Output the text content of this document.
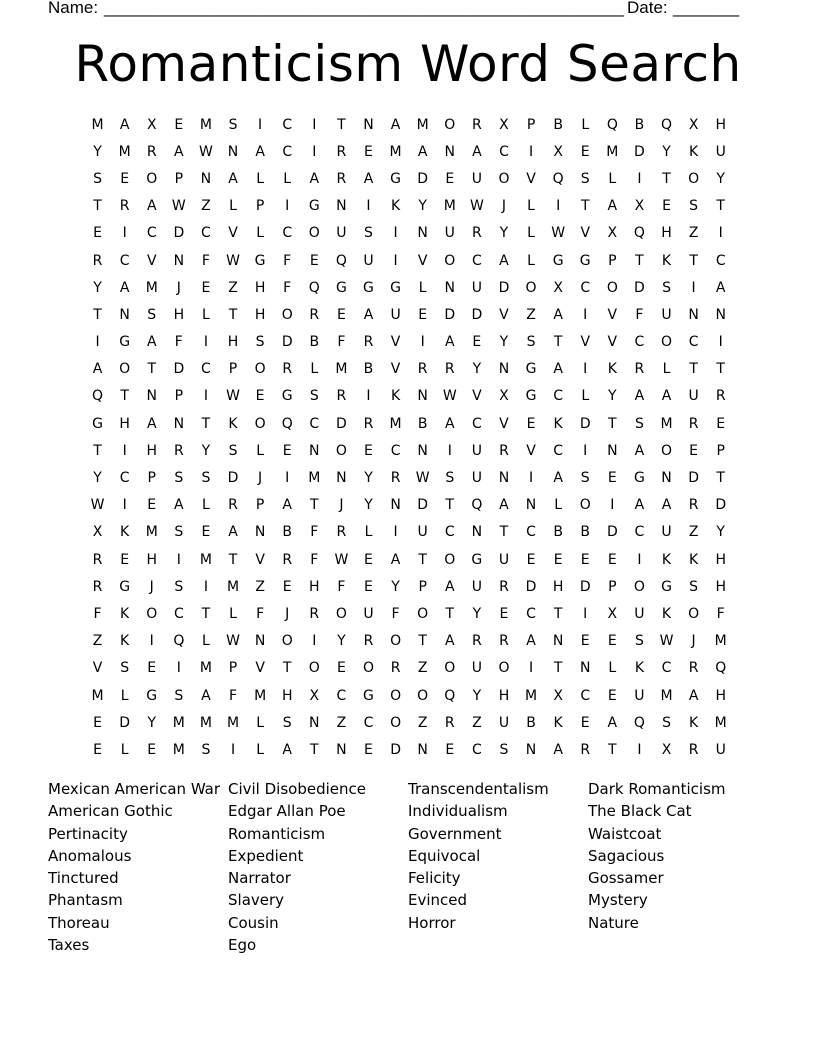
Name: _______________________________________________________ Date: _______
Romanticism Word Search
M	A	X	E	M	S	I	C	I	T	N	A	M	O	R	X	P	B	L	Q	B	Q	X	H
Y	M	R	A	W	N	A	C	I	R	E	M	A	N	A	C	I	X	E	M	D	Y	K	U
S	E	O	P	N	A	L	L	A	R	A	G	D	E	U	O	V	Q	S	L	I	T	O	Y
T	R	A	W	Z	L	P	I	G	N	I	K	Y	M	W	J	L	I	T	A	X	E	S	T
E	I	C	D	C	V	L	C	O	U	S	I	N	U	R	Y	L	W	V	X	Q	H	Z	I
R	C	V	N	F	W	G	F	E	Q	U	I	V	O	C	A	L	G	G	P	T	K	T	C
Y	A	M	J	E	Z	H	F	Q	G	G	G	L	N	U	D	O	X	C	O	D	S	I	A
T	N	S	H	L	T	H	O	R	E	A	U	E	D	D	V	Z	A	I	V	F	U	N	N
I	G	A	F	I	H	S	D	B	F	R	V	I	A	E	Y	S	T	V	V	C	O	C	I
A	O	T	D	C	P	O	R	L	M	B	V	R	R	Y	N	G	A	I	K	R	L	T	T
Q	T	N	P	I	W	E	G	S	R	I	K	N	W	V	X	G	C	L	Y	A	A	U	R
G	H	A	N	T	K	O	Q	C	D	R	M	B	A	C	V	E	K	D	T	S	M	R	E
T	I	H	R	Y	S	L	E	N	O	E	C	N	I	U	R	V	C	I	N	A	O	E	P
Y	C	P	S	S	D	J	I	M	N	Y	R	W	S	U	N	I	A	S	E	G	N	D	T
W	I	E	A	L	R	P	A	T	J	Y	N	D	T	Q	A	N	L	O	I	A	A	R	D
X	K	M	S	E	A	N	B	F	R	L	I	U	C	N	T	C	B	B	D	C	U	Z	Y
R	E	H	I	M	T	V	R	F	W	E	A	T	O	G	U	E	E	E	E	I	K	K	H
R	G	J	S	I	M	Z	E	H	F	E	Y	P	A	U	R	D	H	D	P	O	G	S	H
F	K	O	C	T	L	F	J	R	O	U	F	O	T	Y	E	C	T	I	X	U	K	O	F
Z	K	I	Q	L	W	N	O	I	Y	R	O	T	A	R	R	A	N	E	E	S	W	J	M
V	S	E	I	M	P	V	T	O	E	O	R	Z	O	U	O	I	T	N	L	K	C	R	Q
M	L	G	S	A	F	M	H	X	C	G	O	O	Q	Y	H	M	X	C	E	U	M	A	H
E	D	Y	M	M	M	L	S	N	Z	C	O	Z	R	Z	U	B	K	E	A	Q	S	K	M
E	L	E	M	S	I	L	A	T	N	E	D	N	E	C	S	N	A	R	T	I	X	R	U
Mexican American War
American Gothic
Pertinacity
Anomalous
Tinctured
Phantasm
Thoreau
Taxes
Civil Disobedience
Edgar Allan Poe
Romanticism
Expedient
Narrator
Slavery
Cousin
Ego
Transcendentalism
Individualism
Government
Equivocal
Felicity
Evinced
Horror
Dark Romanticism
The Black Cat
Waistcoat
Sagacious
Gossamer
Mystery
Nature
